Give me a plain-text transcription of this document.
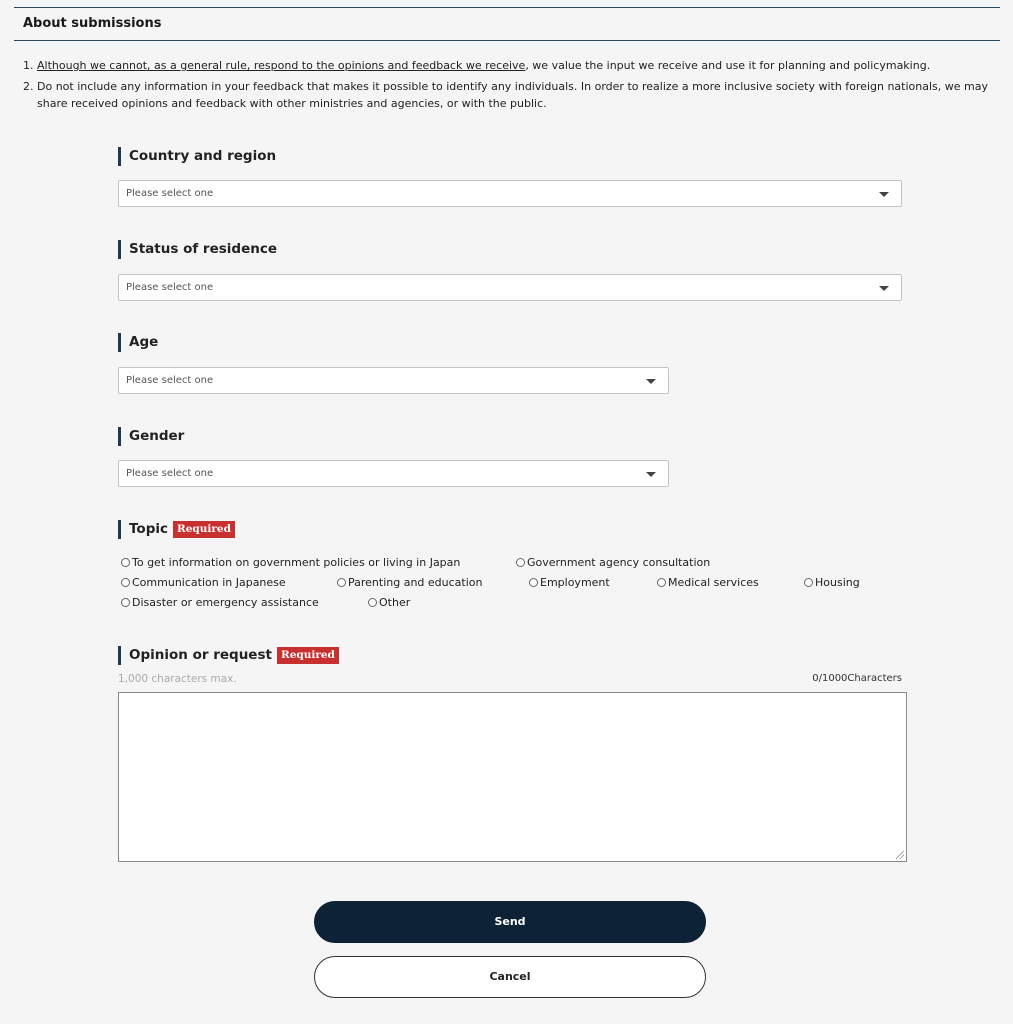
About submissions
1. Although we cannot, as a general rule, respond to the opinions and feedback we receive, we value the input we receive and use it for planning and policymaking.
2. Do not include any information in your feedback that makes it possible to identify any individuals. In order to realize a more inclusive society with foreign nationals, we may share received opinions and feedback with other ministries and agencies, or with the public.
Country and region
Please select one
Status of residence
Please select one
Age
Please select one
Gender
Please select one
Topic Required
To get information on government policies or living in Japan	Government agency consultation
Communication in Japanese	Parenting and education	Employment	Medical services	Housing
Disaster or emergency assistance	Other
Opinion or request Required
1,000 characters max.	0/1000Characters
Send
Cancel
